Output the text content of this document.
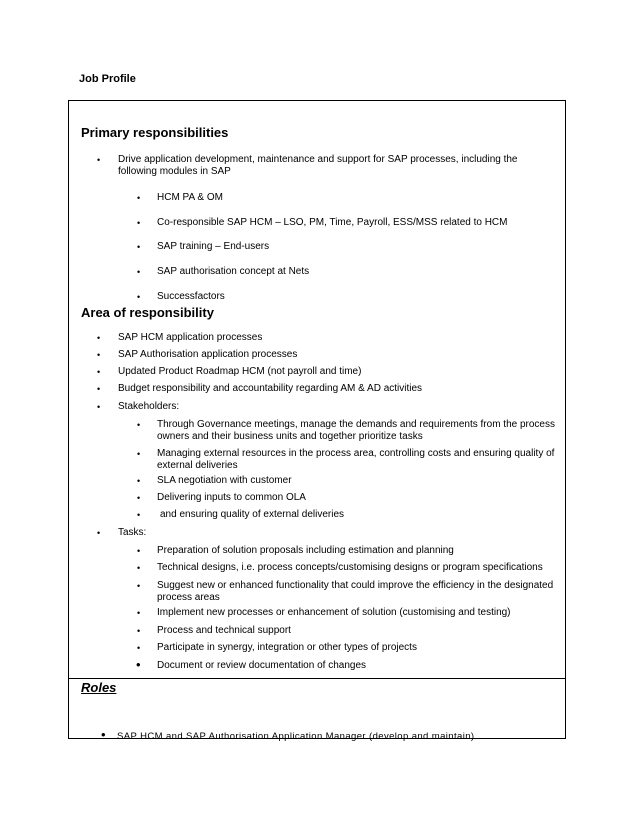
Job Profile
Primary responsibilities
• Drive application development, maintenance and support for SAP processes, including the following modules in SAP
• HCM PA & OM
• Co-responsible SAP HCM – LSO, PM, Time, Payroll, ESS/MSS related to HCM
• SAP training – End-users
• SAP authorisation concept at Nets
• Successfactors
Area of responsibility
• SAP HCM application processes
• SAP Authorisation application processes
• Updated Product Roadmap HCM (not payroll and time)
• Budget responsibility and accountability regarding AM & AD activities
• Stakeholders:
• Through Governance meetings, manage the demands and requirements from the process owners and their business units and together prioritize tasks
• Managing external resources in the process area, controlling costs and ensuring quality of external deliveries
• SLA negotiation with customer
• Delivering inputs to common OLA
• and ensuring quality of external deliveries
• Tasks:
• Preparation of solution proposals including estimation and planning
• Technical designs, i.e. process concepts/customising designs or program specifications
• Suggest new or enhanced functionality that could improve the efficiency in the designated process areas
• Implement new processes or enhancement of solution (customising and testing)
• Process and technical support
• Participate in synergy, integration or other types of projects
• Document or review documentation of changes
Roles
• SAP HCM and SAP Authorisation Application Manager (develop and maintain)
